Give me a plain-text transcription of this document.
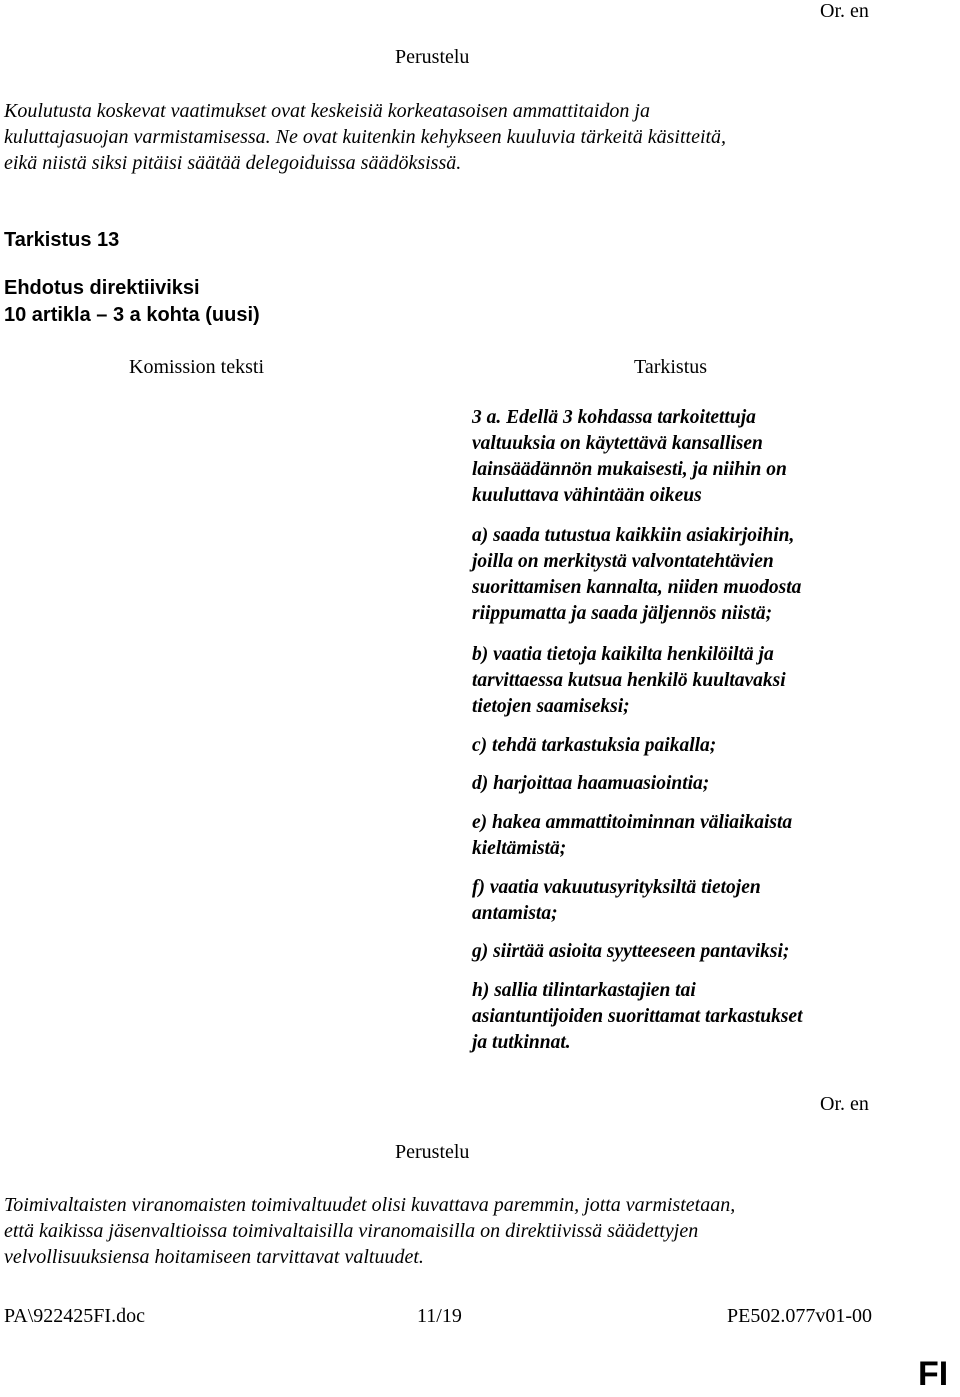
Or. en
Perustelu
Koulutusta koskevat vaatimukset ovat keskeisiä korkeatasoisen ammattitaidon ja
kuluttajasuojan varmistamisessa. Ne ovat kuitenkin kehykseen kuuluvia tärkeitä käsitteitä,
eikä niistä siksi pitäisi säätää delegoiduissa säädöksissä.
Tarkistus 13
Ehdotus direktiiviksi
10 artikla – 3 a kohta (uusi)
Komission teksti	Tarkistus

3 a. Edellä 3 kohdassa tarkoitettuja

valtuuksia on käytettävä kansallisen

lainsäädännön mukaisesti, ja niihin on

kuuluttava vähintään oikeus

a) saada tutustua kaikkiin asiakirjoihin,

joilla on merkitystä valvontatehtävien

suorittamisen kannalta, niiden muodosta

riippumatta ja saada jäljennös niistä;

b) vaatia tietoja kaikilta henkilöiltä ja

tarvittaessa kutsua henkilö kuultavaksi

tietojen saamiseksi;

c) tehdä tarkastuksia paikalla;

d) harjoittaa haamuasiointia;

e) hakea ammattitoiminnan väliaikaista

kieltämistä;

f) vaatia vakuutusyrityksiltä tietojen

antamista;

g) siirtää asioita syytteeseen pantaviksi;

h) sallia tilintarkastajien tai

asiantuntijoiden suorittamat tarkastukset

ja tutkinnat.

Or. en
Perustelu
Toimivaltaisten viranomaisten toimivaltuudet olisi kuvattava paremmin, jotta varmistetaan,
että kaikissa jäsenvaltioissa toimivaltaisilla viranomaisilla on direktiivissä säädettyjen
velvollisuuksiensa hoitamiseen tarvittavat valtuudet.
PA\922425FI.doc	11/19	PE502.077v01-00
FI
